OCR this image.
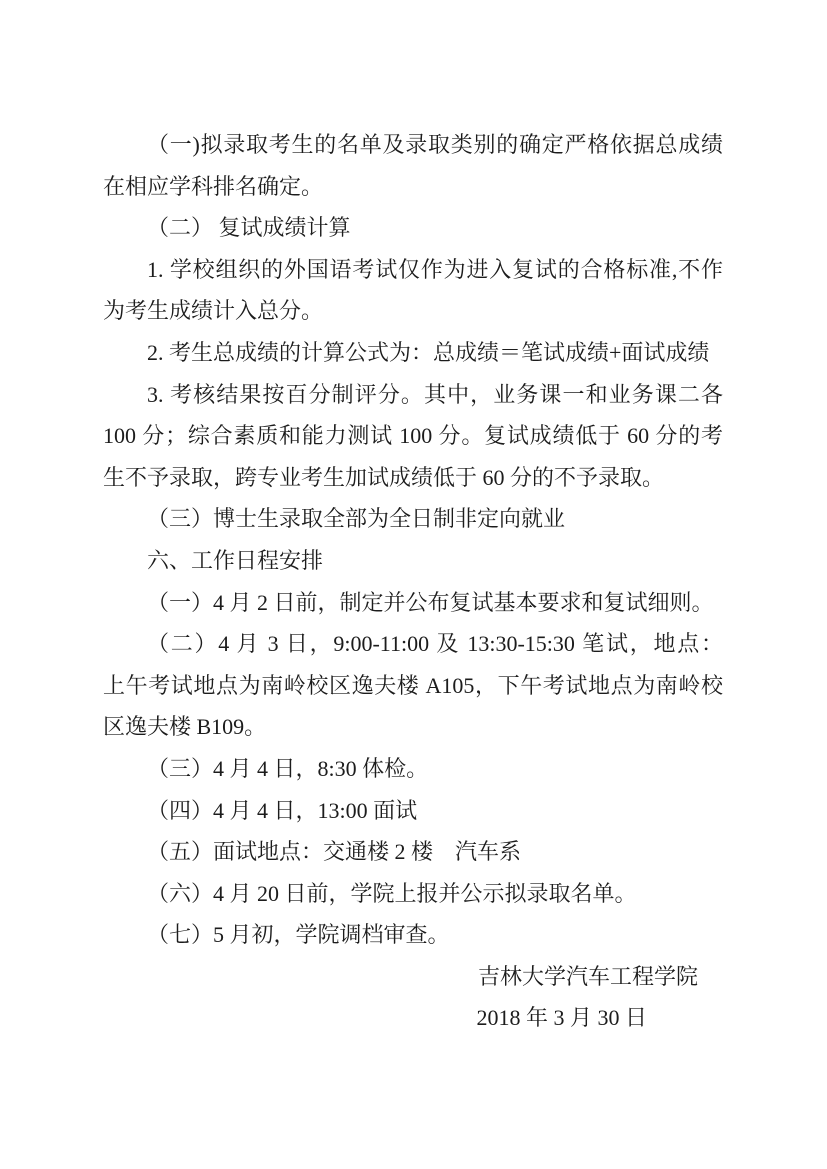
（一)拟录取考生的名单及录取类别的确定严格依据总成绩
在相应学科排名确定。
（二） 复试成绩计算
1. 学校组织的外国语考试仅作为进入复试的合格标准,不作
为考生成绩计入总分。
2. 考生总成绩的计算公式为：总成绩＝笔试成绩+面试成绩
3. 考核结果按百分制评分。其中，业务课一和业务课二各
100 分；综合素质和能力测试 100 分。复试成绩低于 60 分的考
生不予录取，跨专业考生加试成绩低于 60 分的不予录取。
（三）博士生录取全部为全日制非定向就业
六、工作日程安排
（一）4 月 2 日前，制定并公布复试基本要求和复试细则。
（二）4 月 3 日，9:00-11:00 及 13:30-15:30 笔试，地点：
上午考试地点为南岭校区逸夫楼 A105，下午考试地点为南岭校
区逸夫楼 B109。
（三）4 月 4 日，8:30 体检。
（四）4 月 4 日，13:00 面试
（五）面试地点：交通楼 2 楼　汽车系
（六）4 月 20 日前，学院上报并公示拟录取名单。
（七）5 月初，学院调档审查。
吉林大学汽车工程学院
2018 年 3 月 30 日
